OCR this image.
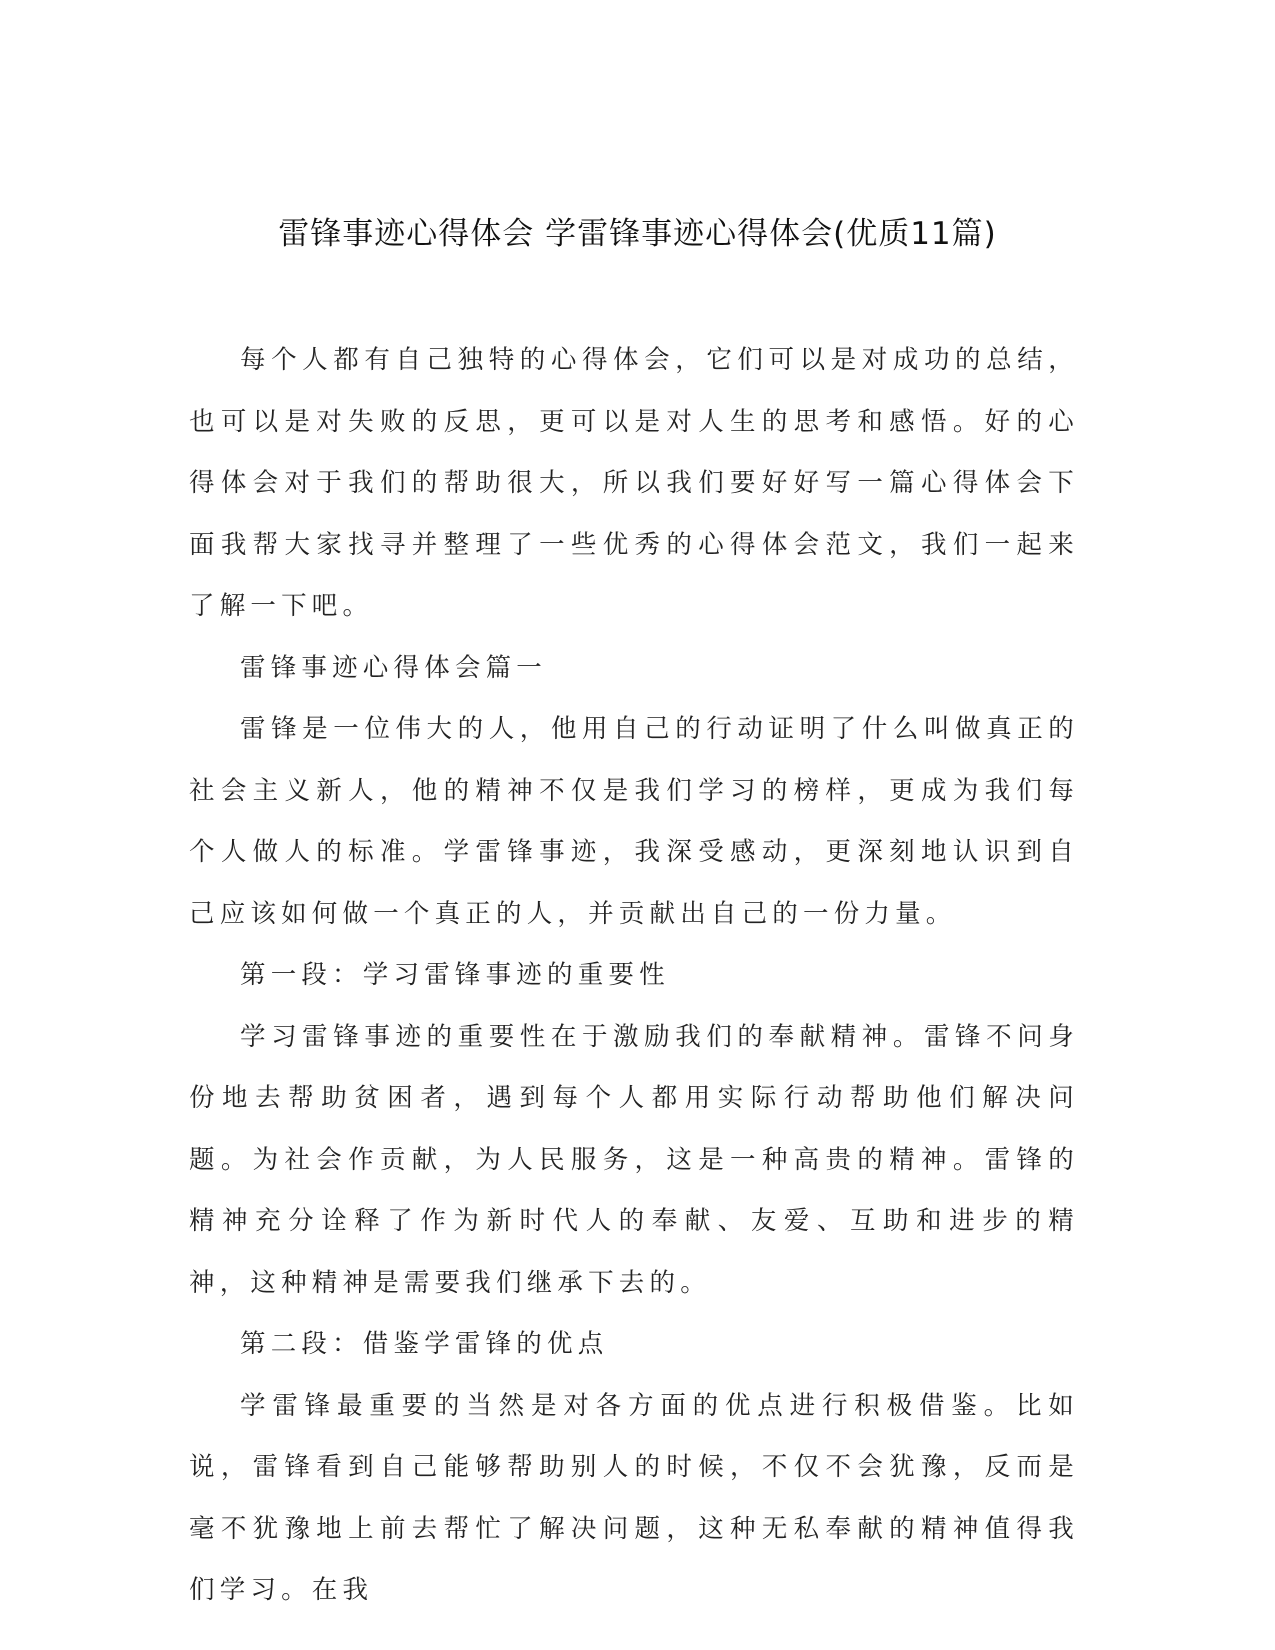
雷锋事迹心得体会 学雷锋事迹心得体会(优质11篇)

每个人都有自己独特的心得体会，它们可以是对成功的总结，也可以是对失败的反思，更可以是对人生的思考和感悟。好的心得体会对于我们的帮助很大，所以我们要好好写一篇心得体会下面我帮大家找寻并整理了一些优秀的心得体会范文，我们一起来了解一下吧。

雷锋事迹心得体会篇一

雷锋是一位伟大的人，他用自己的行动证明了什么叫做真正的社会主义新人，他的精神不仅是我们学习的榜样，更成为我们每个人做人的标准。学雷锋事迹，我深受感动，更深刻地认识到自己应该如何做一个真正的人，并贡献出自己的一份力量。

第一段：学习雷锋事迹的重要性

学习雷锋事迹的重要性在于激励我们的奉献精神。雷锋不问身份地去帮助贫困者，遇到每个人都用实际行动帮助他们解决问题。为社会作贡献，为人民服务，这是一种高贵的精神。雷锋的精神充分诠释了作为新时代人的奉献、友爱、互助和进步的精神，这种精神是需要我们继承下去的。

第二段：借鉴学雷锋的优点

学雷锋最重要的当然是对各方面的优点进行积极借鉴。比如说，雷锋看到自己能够帮助别人的时候，不仅不会犹豫，反而是毫不犹豫地上前去帮忙了解决问题，这种无私奉献的精神值得我们学习。在我
